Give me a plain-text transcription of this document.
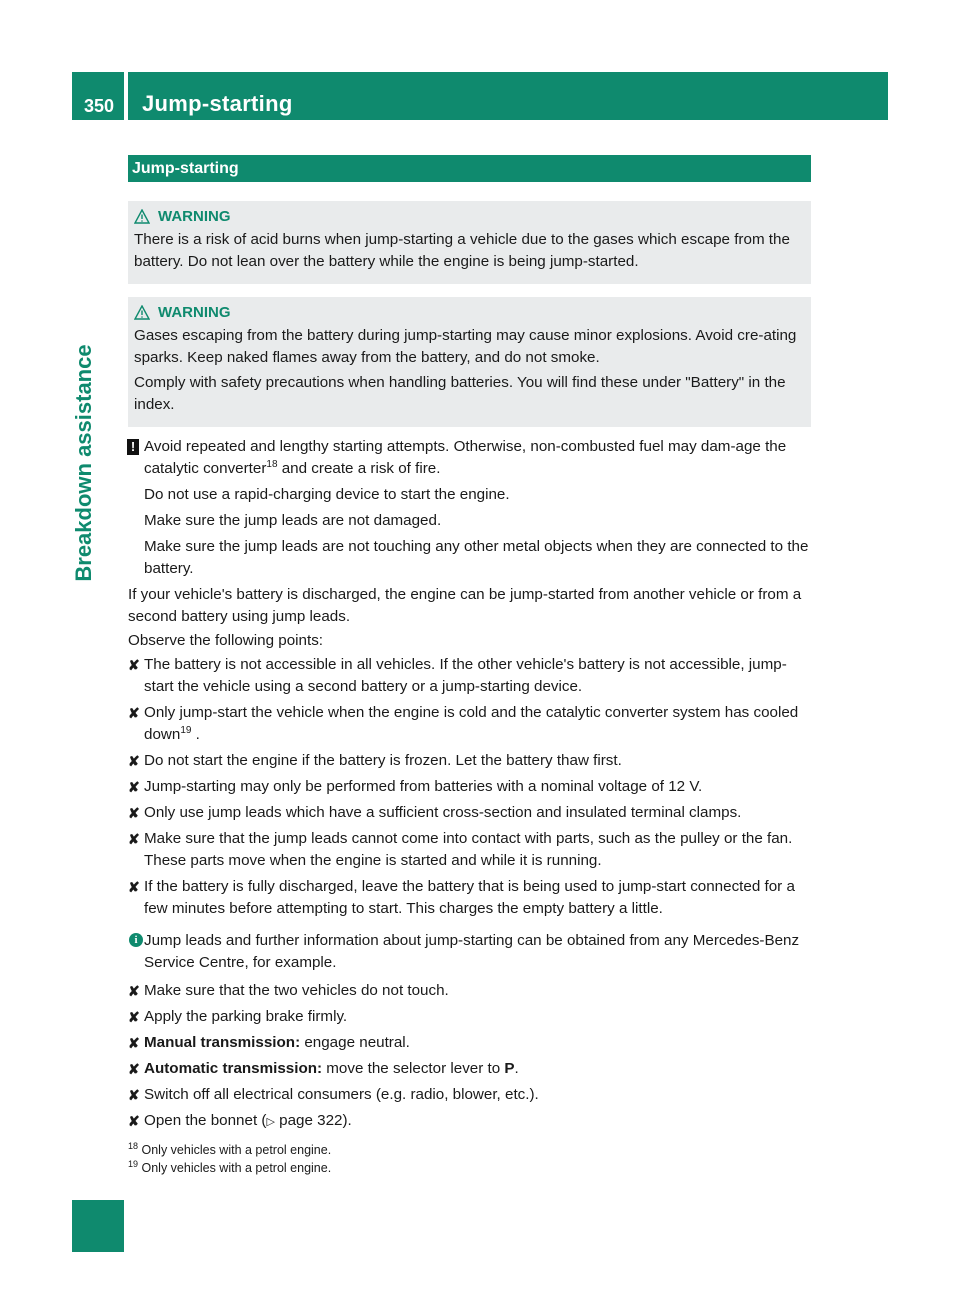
350 Jump-starting
Breakdown assistance
Jump-starting
WARNING

There is a risk of acid burns when jump-starting a vehicle due to the gases which escape from the battery. Do not lean over the battery while the engine is being jump-started.

WARNING

Gases escaping from the battery during jump-starting may cause minor explosions. Avoid cre-ating sparks. Keep naked flames away from the battery, and do not smoke.

Comply with safety precautions when handling batteries. You will find these under "Battery" in the index.

! Avoid repeated and lengthy starting attempts. Otherwise, non-combusted fuel may dam-age the catalytic converter$^{18}$ and create a risk of fire.

Do not use a rapid-charging device to start the engine.

Make sure the jump leads are not damaged.

Make sure the jump leads are not touching any other metal objects when they are connected to the battery.

If your vehicle's battery is discharged, the engine can be jump-started from another vehicle or from a second battery using jump leads.

Observe the following points:

✘ The battery is not accessible in all vehicles. If the other vehicle's battery is not accessible, jump-start the vehicle using a second battery or a jump-starting device.
✘ Only jump-start the vehicle when the engine is cold and the catalytic converter system has cooled down$^{19}$ .
✘ Do not start the engine if the battery is frozen. Let the battery thaw first.
✘ Jump-starting may only be performed from batteries with a nominal voltage of 12 V.
✘ Only use jump leads which have a sufficient cross-section and insulated terminal clamps.
✘ Make sure that the jump leads cannot come into contact with parts, such as the pulley or the fan. These parts move when the engine is started and while it is running.
✘ If the battery is fully discharged, leave the battery that is being used to jump-start connected for a few minutes before attempting to start. This charges the empty battery a little.
i Jump leads and further information about jump-starting can be obtained from any Mercedes-Benz Service Centre, for example.
✘ Make sure that the two vehicles do not touch.
✘ Apply the parking brake firmly.
✘ Manual transmission: engage neutral.
✘ Automatic transmission: move the selector lever to P.
✘ Switch off all electrical consumers (e.g. radio, blower, etc.).
✘ Open the bonnet (▷ page 322).
$^{18}$ Only vehicles with a petrol engine.
$^{19}$ Only vehicles with a petrol engine.
